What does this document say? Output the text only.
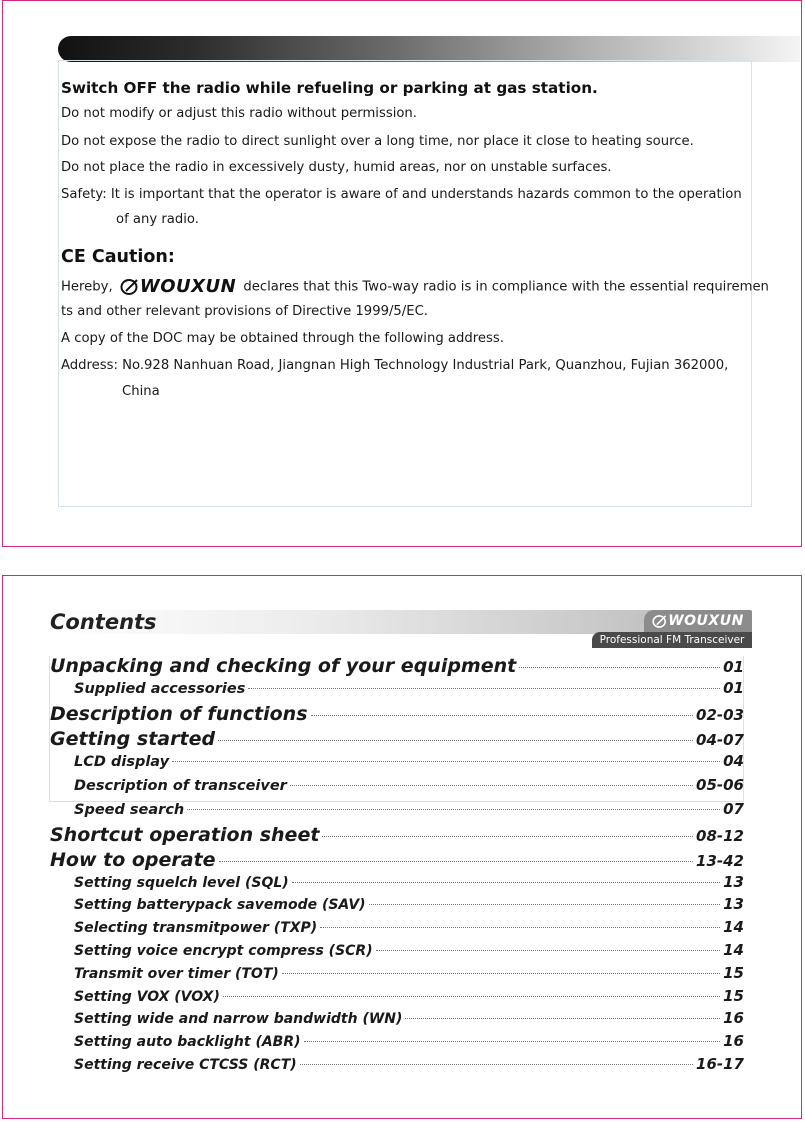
Switch OFF the radio while refueling or parking at gas station.
Do not modify or adjust this radio without permission.
Do not expose the radio to direct sunlight over a long time, nor place it close to heating source.
Do not place the radio in excessively dusty, humid areas, nor on unstable surfaces.
Safety: It is important that the operator is aware of and understands hazards common to the operation
of any radio.
CE Caution:
Hereby, WOUXUN declares that this Two-way radio is in compliance with the essential requiremen
ts and other relevant provisions of Directive 1999/5/EC.
A copy of the DOC may be obtained through the following address.
Address: No.928 Nanhuan Road, Jiangnan High Technology Industrial Park, Quanzhou, Fujian 362000,
China
Contents	WOUXUN
Professional FM Transceiver
Unpacking and checking of your equipment	01
Supplied accessories	01
Description of functions	02-03
Getting started	04-07
LCD display	04
Description of transceiver	05-06
Speed search	07
Shortcut operation sheet	08-12
How to operate	13-42
Setting squelch level (SQL)	13
Setting batterypack savemode (SAV)	13
Selecting transmitpower (TXP)	14
Setting voice encrypt compress (SCR)	14
Transmit over timer (TOT)	15
Setting VOX (VOX)	15
Setting wide and narrow bandwidth (WN)	16
Setting auto backlight (ABR)	16
Setting receive CTCSS (RCT)	16-17
